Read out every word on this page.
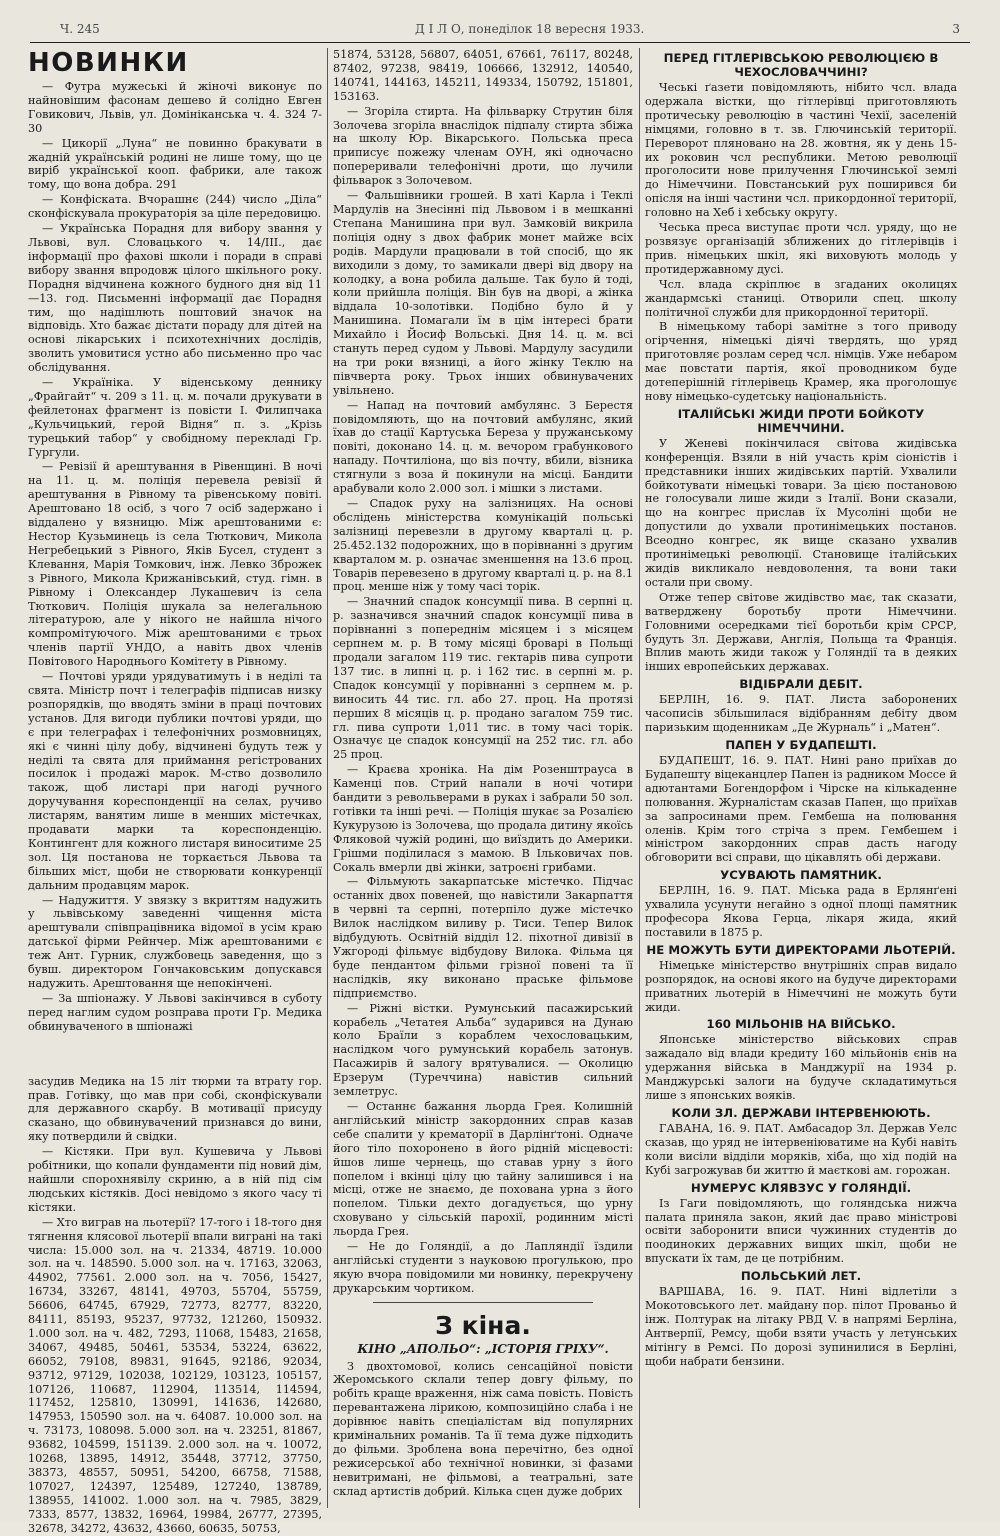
Ч. 245	Д І Л О, понеділок 18 вересня 1933.	3
НОВИНКИ

— Футра мужеські й жіночі виконує по найновішим фасонам дешево й солідно Евген Говикович, Львів, ул. Домініканська ч. 4. 324 7-30

— Цикорії „Луна“ не повинно бракувати в жадній українській родині не лише тому, що це виріб української кооп. фабрики, але також тому, що вона добра. 291

— Конфіската. Вчорашнє (244) число „Діла“ сконфіскувала прокураторія за ціле передовицю.

— Українська Порадня для вибору звання у Львові, вул. Словацького ч. 14/III., дає інформації про фахові школи і поради в справі вибору звання впродовж цілого шкільного року. Порадня відчинена кожного будного дня від 11—13. год. Письменні інформації дає Порадня тим, що надішлють поштовий значок на відповідь. Хто бажає дістати пораду для дітей на основі лікарських і психотехнічних дослідів, зволить умовитися устно або письменно про час обслідування.

— Україніка. У віденському деннику „Фрайгайт“ ч. 209 з 11. ц. м. почали друкувати в фейлетонах фрагмент із повісти І. Филипчака „Кульчицький, герой Відня“ п. з. „Крізь турецький табор“ у свобідному перекладі Гр. Гургули.

— Ревізії й арештування в Рівенщині. В ночі на 11. ц. м. поліція перевела ревізії й арештування в Рівному та рівенському повіті. Арештовано 18 осіб, з чого 7 осіб задержано і віддалено у вязницю. Між арештованими є: Нестор Кузьминець із села Тюткович, Микола Негребецький з Рівного, Яків Бусел, студент з Клевання, Марія Томкович, інж. Левко Зброжек з Рівного, Микола Крижанівський, студ. гімн. в Рівному і Олександер Лукашевич із села Тюткович. Поліція шукала за нелегальною літературою, але у нікого не найшла нічого компромітуючого. Між арештованими є трьох членів партії УНДО, а навіть двох членів Повітового Народнього Комітету в Рівному.

— Почтові уряди урядуватимуть і в неділі та свята. Міністр почт і телеграфів підписав низку розпорядків, що вводять зміни в праці почтових установ. Для вигоди публики почтові уряди, що є при телеграфах і телефонічних розмовницях, які є чинні цілу добу, відчинені будуть теж у неділі та свята для приймання регістрованих посилок і продажі марок. М-ство дозволило також, щоб листарі при нагоді ручного доручування кореспонденції на селах, ручиво листарям, ванятим лише в менших містечках, продавати марки та кореспонденцію. Контингент для кожного листаря виноситиме 25 зол. Ця постанова не торкається Львова та більших міст, щоби не створювати конкуренції дальним продавцям марок.

— Надужиття. У звязку з вкриттям надужить у львівському заведенні чищення міста арештували співпрацівника відомої в усім краю датської фірми Рейнчер. Між арештованими є теж Ант. Гурник, службовець заведення, що з бувш. директором Гончаковським допускався надужить. Арештовання ще непокінчені.

— За шпіонажу. У Львові закінчився в суботу перед наглим судом розправа проти Гр. Медика обвинуваченого в шпіонажі

засудив Медика на 15 літ тюрми та втрату гор. прав. Готівку, що мав при собі, сконфіскували для державного скарбу. В мотивації присуду сказано, що обвинувачений признався до вини, яку потвердили й свідки.

— Кістяки. При вул. Кушевича у Львові робітники, що копали фундаменти під новий дім, найшли спорохнявілу скриню, а в ній під сім людських кістяків. Досі невідомо з якого часу ті кістяки.

— Хто виграв на льотерії? 17-того і 18-того дня тягнення клясової льотерії впали виграні на такі числа: 15.000 зол. на ч. 21334, 48719. 10.000 зол. на ч. 148590. 5.000 зол. на ч. 17163, 32063, 44902, 77561. 2.000 зол. на ч. 7056, 15427, 16734, 33267, 48141, 49703, 55704, 55759, 56606, 64745, 67929, 72773, 82777, 83220, 84111, 85193, 95237, 97732, 121260, 150932. 1.000 зол. на ч. 482, 7293, 11068, 15483, 21658, 34067, 49485, 50461, 53534, 53224, 63622, 66052, 79108, 89831, 91645, 92186, 92034, 93712, 97129, 102038, 102129, 103123, 105157, 107126, 110687, 112904, 113514, 114594, 117452, 125810, 130991, 141636, 142680, 147953, 150590 зол. на ч. 64087. 10.000 зол. на ч. 73173, 108098. 5.000 зол. на ч. 23251, 81867, 93682, 104599, 151139. 2.000 зол. на ч. 10072, 10268, 13895, 14912, 35448, 37712, 37750, 38373, 48557, 50951, 54200, 66758, 71588, 107027, 124397, 125489, 127240, 138789, 138955, 141002. 1.000 зол. на ч. 7985, 3829, 7333, 8577, 13832, 16964, 19984, 26777, 27395, 32678, 34272, 43632, 43660, 60635, 50753,

51874, 53128, 56807, 64051, 67661, 76117, 80248, 87402, 97238, 98419, 106666, 132912, 140540, 140741, 144163, 145211, 149334, 150792, 151801, 153163.

— Згоріла стирта. На фільварку Струтин біля Золочева згоріла внаслідок підпалу стирта збіжа на школу Юр. Вікарського. Польська преса приписує пожежу членам ОУН, які одночасно попереривали телефонічні дроти, що лучили фільварок з Золочевом.

— Фальшівники грошей. В хаті Карла і Теклі Мардулів на Знесінні під Львовом і в мешканні Степана Манишина при вул. Замковій викрила поліція одну з двох фабрик монет майже всіх родів. Мардули працювали в той спосіб, що як виходили з дому, то замикали двері від двору на колодку, а вона робила дальше. Так було й тоді, коли прийшла поліція. Він був на дворі, а жінка віддала 10-золотівки. Подібно було й у Манишина. Помагали їм в цім інтересі брати Михайло і Йосиф Вольські. Дня 14. ц. м. всі стануть перед судом у Львові. Мардулу засудили на три роки вязниці, а його жінку Теклю на півчверта року. Трьох інших обвинувачених увільнено.

— Напад на почтовий амбулянс. З Берестя повідомляють, що на почтовий амбулянс, який їхав до стації Картуська Береза у пружанському повіті, доконано 14. ц. м. вечором грабункового нападу. Почтиліона, що віз почту, вбили, візника стягнули з воза й покинули на місці. Бандити арабували коло 2.000 зол. і мішки з листами.

— Спадок руху на залізницях. На основі обслідень міністерства комунікацій польські залізниці перевезли в другому кварталі ц. р. 25.452.132 подорожних, що в порівнанні з другим кварталом м. р. означає зменшення на 13.6 проц. Товарів перевезено в другому кварталі ц. р. на 8.1 проц. менше ніж у тому часі торік.

— Значний спадок консумції пива. В серпні ц. р. зазначився значний спадок консумції пива в порівнанні з попереднім місяцем і з місяцем серпнем м. р. В тому місяці броварі в Польщі продали загалом 119 тис. гектарів пива супроти 137 тис. в липні ц. р. і 162 тис. в серпні м. р. Спадок консумції у порівнанні з серпнем м. р. виносить 44 тис. гл. або 27. проц. На протязі перших 8 місяців ц. р. продано загалом 759 тис. гл. пива супроти 1,011 тис. в тому часі торік. Означує це спадок консумції на 252 тис. гл. або 25 проц.

— Краєва хроніка. На дім Розенштрауса в Каменці пов. Стрий напали в ночі чотири бандити з револьверами в руках і забрали 50 зол. готівки та інші речі. — Поліція шукає за Розалією Кукурузою із Золочева, що продала дитину якоїсь Фляковой чужій родині, що виїздить до Америки. Грішми поділилася з мамою. В Ільковичах пов. Сокаль вмерли дві жінки, затроєні грибами.

— Фільмують закарпатське містечко. Підчас останніх двох повеней, що навістили Закарпаття в червні та серпні, потерпіло дуже містечко Вилок наслідком виливу р. Тиси. Тепер Вилок відбудують. Освітній відділ 12. піхотної дивізії в Ужгороді фільмує відбудову Вилока. Фільма ця буде пендантом фільми грізної повені та її наслідків, яку виконано праське фільмове підприємство.

— Ріжні вістки. Румунський пасажирський корабель „Четатея Альба“ зударився на Дунаю коло Браїли з кораблем чехословацьким, наслідком чого румунський корабель затонув. Пасажирів й залогу врятувалися. — Околицю Ерзерум (Туреччина) навістив сильний землетрус.

— Останнє бажання льорда Грея. Колишній англійський міністр закордонних справ казав себе спалити у крематорії в Дарлінґтоні. Одначе його тіло похоронено в його рідній місцевості: йшов лише чернець, що ставав урну з його попелом і вкінці цілу цю тайну залишився і на місці, отже не знаємо, де похована урна з його попелом. Тільки дехто догадується, що урну сховувано у сільській парохії, родинним місті льорда Грея.

— Не до Голяндії, а до Лапляндії їздили англійські студенти з науковою прогулькою, про якую вчора повідомили ми новинку, перекручену друкарським чортиком.

З кіна.
КІНО „АПОЛЬО“: „ІСТОРІЯ ГРІХУ“.

З двохтомової, колись сенсаційної повісти Жеромського склали тепер довгу фільму, по робіть краще враження, ніж сама повість. Повість перевантажена лірикою, композиційно слаба і не дорівнює навіть спеціалістам від популярних кримінальних романів. Та її тема дуже підходить до фільми. Зроблена вона перечітно, без одної режисерської або технічної новинки, зі фазами невитримані, не фільмові, а театральні, зате склад артистів добрий. Кілька сцен дуже добрих

ПЕРЕД ГІТЛЕРІВСЬКОЮ РЕВОЛЮЦІЄЮ В ЧЕХОСЛОВАЧЧИНІ?

Чеські ґазети повідомляють, нібито чсл. влада одержала вістки, що гітлерівці приготовляють протичеську революцію в частині Чехії, заселеній німцями, головно в т. зв. Глючинській території. Переворот пляновано на 28. жовтня, як у день 15-их роковин чсл республики. Метою революції проголосити нове прилучення Глючинської землі до Німеччини. Повстанський рух поширився би опісля на інші частини чсл. прикордонної території, головно на Хеб і хебську округу.

Чеська преса виступає проти чсл. уряду, що не розвязує організацій зближених до гітлерівців і прив. німецьких шкіл, які виховують молодь у протидержавному дусі.

Чсл. влада скріплює в згаданих околицях жандармські станиці. Отворили спец. школу політичної служби для прикордонної території.

В німецькому таборі замітне з того приводу огірчення, німецькі діячі твердять, що уряд приготовляє розлам серед чсл. німців. Уже небаром має повстати партія, якої проводником буде дотеперішній гітлерівець Крамер, яка проголошує нову німецько-судетську національність.

ІТАЛІЙСЬКІ ЖИДИ ПРОТИ БОЙКОТУ НІМЕЧЧИНИ.

У Женеві покінчилася світова жидівська конференція. Взяли в ній участь крім сіоністів і представники інших жидівських партій. Ухвалили бойкотувати німецькі товари. За цією постановою не голосували лише жиди з Італії. Вони сказали, що на конгрес прислав їх Мусоліні щоби не допустили до ухвали протинімецьких постанов. Всеодно конгрес, як вище сказано ухвалив протинімецькі революції. Становище італійських жидів викликало невдоволення, та вони таки остали при свому.

Отже тепер світове жидівство має, так сказати, ватверджену боротьбу проти Німеччини. Головними осередками тієї боротьби крім СРСР, будуть Зл. Держави, Англія, Польща та Франція. Вплив мають жиди також у Голяндії та в деяких інших европейських державах.

ВІДІБРАЛИ ДЕБІТ.

БЕРЛІН, 16. 9. ПАТ. Листа заборонених часописів збільшилася відібранням дебіту двом паризьким щоденникам „Де Журналь“ і „Матен“.

ПАПЕН У БУДАПЕШТІ.

БУДАПЕШТ, 16. 9. ПАТ. Нині рано приїхав до Будапешту віцеканцлер Папен із радником Моссе й адютантами Богендорфом і Чірске на кількаденне полювання. Журналістам сказав Папен, що приїхав за запросинами прем. Гембеша на полювання оленів. Крім того стріча з прем. Гембешем і міністром закордонних справ дасть нагоду обговорити всі справи, що цікавлять обі держави.

УСУВАЮТЬ ПАМЯТНИК.

БЕРЛІН, 16. 9. ПАТ. Міська рада в Ерлянґені ухвалила усунути негайно з одної площі памятник професора Якова Герца, лікаря жида, який поставили в 1875 р.

НЕ МОЖУТЬ БУТИ ДИРЕКТОРАМИ ЛЬОТЕРІЙ.

Німецьке міністерство внутрішніх справ видало розпорядок, на основі якого на будуче директорами приватних льотерій в Німеччині не можуть бути жиди.

160 МІЛЬОНІВ НА ВІЙСЬКО.

Японське міністерство військових справ зажадало від влади кредиту 160 мільйонів єнів на удержання війська в Манджурії на 1934 р. Манджурські залоги на будуче складатимуться лише з японських вояків.

КОЛИ ЗЛ. ДЕРЖАВИ ІНТЕРВЕНЮЮТЬ.

ГАВАНА, 16. 9. ПАТ. Амбасадор Зл. Держав Уелс сказав, що уряд не інтервеніюватиме на Кубі навіть коли висіли відділи моряків, хіба, що хід подій на Кубі загрожував би життю й маєткові ам. горожан.

НУМЕРУС КЛЯВЗУС У ГОЛЯНДІЇ.

Із Гаги повідомляють, що голяндська нижча палата приняла закон, який дає право міністрові освіти заборонити вписи чужинних студентів до поодиноких державних вищих шкіл, щоби не впускати їх там, де це потрібним.

ПОЛЬСЬКИЙ ЛЕТ.

ВАРШАВА, 16. 9. ПАТ. Нині відлетіли з Мокотовського лет. майдану пор. пілот Прованьо й інж. Полтурак на літаку РВД V. в напрямі Берліна, Антверпії, Ремсу, щоби взяти участь у летунських мітінгу в Ремсі. По дорозі зупинилися в Берліні, щоби набрати бензини.
